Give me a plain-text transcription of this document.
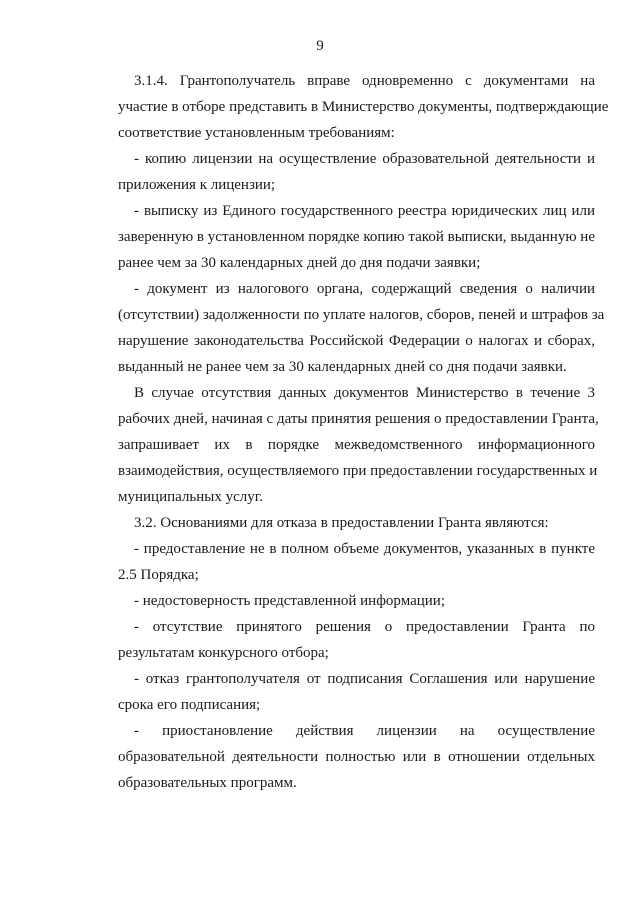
9
3.1.4. Грантополучатель вправе одновременно с документами на
участие в отборе представить в Министерство документы, подтверждающие
соответствие установленным требованиям:
- копию лицензии на осуществление образовательной деятельности и
приложения к лицензии;
- выписку из Единого государственного реестра юридических лиц или
заверенную в установленном порядке копию такой выписки, выданную не
ранее чем за 30 календарных дней до дня подачи заявки;
- документ из налогового органа, содержащий сведения о наличии
(отсутствии) задолженности по уплате налогов, сборов, пеней и штрафов за
нарушение законодательства Российской Федерации о налогах и сборах,
выданный не ранее чем за 30 календарных дней со дня подачи заявки.
В случае отсутствия данных документов Министерство в течение 3
рабочих дней, начиная с даты принятия решения о предоставлении Гранта,
запрашивает их в порядке межведомственного информационного
взаимодействия, осуществляемого при предоставлении государственных и
муниципальных услуг.
3.2. Основаниями для отказа в предоставлении Гранта являются:
- предоставление не в полном объеме документов, указанных в пункте
2.5 Порядка;
- недостоверность представленной информации;
- отсутствие принятого решения о предоставлении Гранта по
результатам конкурсного отбора;
- отказ грантополучателя от подписания Соглашения или нарушение
срока его подписания;
- приостановление действия лицензии на осуществление
образовательной деятельности полностью или в отношении отдельных
образовательных программ.
